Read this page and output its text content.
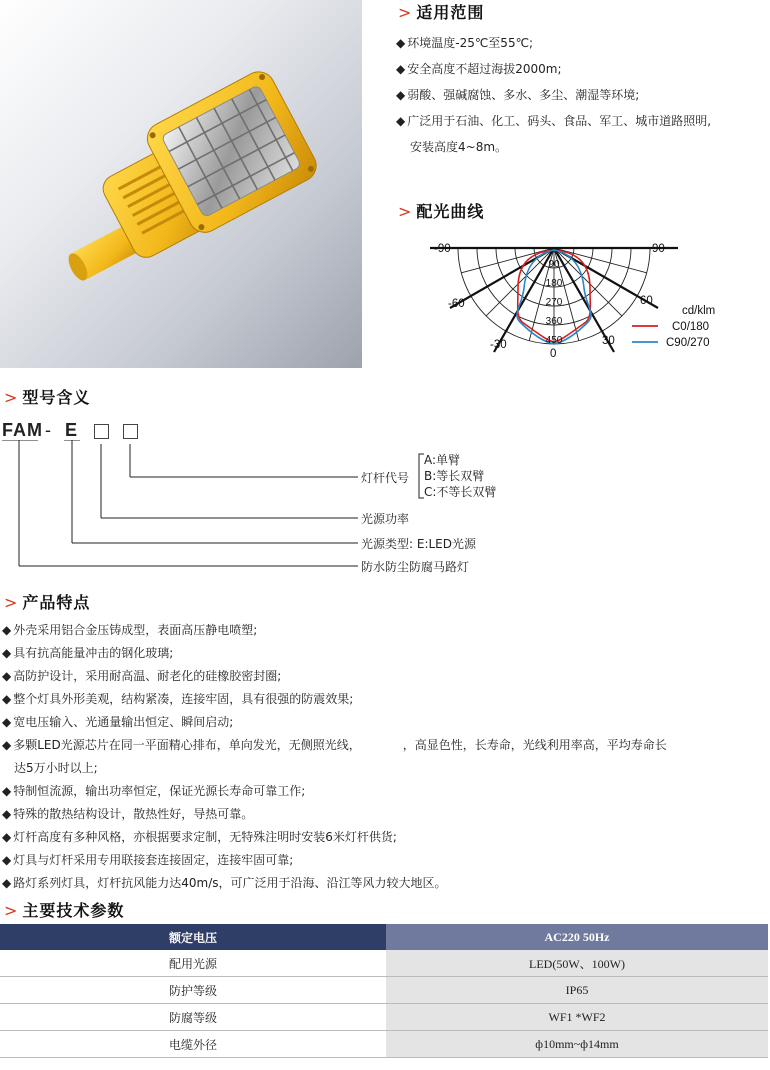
> 适用范围
◆ 环境温度-25℃至55℃;
◆ 安全高度不超过海拔2000m;
◆ 弱酸、强碱腐蚀、多水、多尘、潮湿等环境;
◆ 广泛用于石油、化工、码头、食品、军工、城市道路照明,
安装高度4~8m。
> 配光曲线
-90	90
-60	60
-30	30
0
90
180
270
360
450
cd/klm
C0/180
C90/270
> 型号含义
FAM - E
灯杆代号
A:单臂
B:等长双臂
C:不等长双臂
光源功率
光源类型: E:LED光源
防水防尘防腐马路灯
> 产品特点
◆ 外壳采用铝合金压铸成型，表面高压静电喷塑;
◆ 具有抗高能量冲击的钢化玻璃;
◆ 高防护设计，采用耐高温、耐老化的硅橡胶密封圈;
◆ 整个灯具外形美观，结构紧凑，连接牢固，具有很强的防震效果;
◆ 宽电压输入、光通量输出恒定、瞬间启动;
◆ 多颗LED光源芯片在同一平面精心排布，单向发光，无侧照光线，           ，高显色性，长寿命，光线利用率高，平均寿命长
达5万小时以上;
◆ 特制恒流源，输出功率恒定，保证光源长寿命可靠工作;
◆ 特殊的散热结构设计，散热性好，导热可靠。
◆ 灯杆高度有多种风格，亦根据要求定制，无特殊注明时安装6米灯杆供货;
◆ 灯具与灯杆采用专用联接套连接固定，连接牢固可靠;
◆ 路灯系列灯具，灯杆抗风能力达40m/s，可广泛用于沿海、沿江等风力较大地区。
> 主要技术参数
额定电压	AC220 50Hz
配用光源	LED(50W、100W)
防护等级	IP65
防腐等级	WF1 *WF2
电缆外径	ф10mm~ф14mm
